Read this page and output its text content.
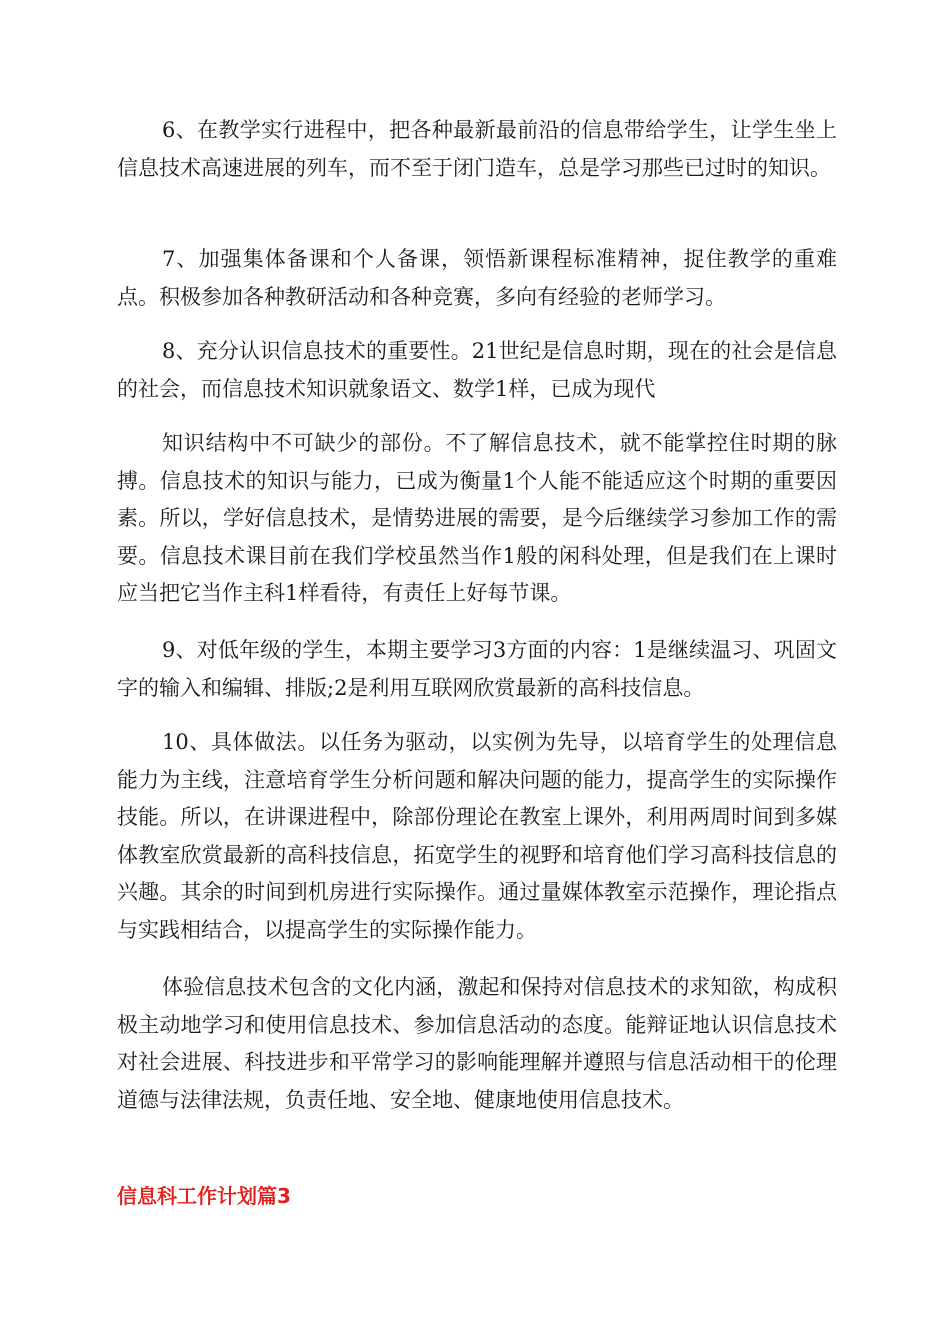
6、在教学实行进程中，把各种最新最前沿的信息带给学生，让学生坐上信息技术高速进展的列车，而不至于闭门造车，总是学习那些已过时的知识。

7、加强集体备课和个人备课，领悟新课程标准精神，捉住教学的重难点。积极参加各种教研活动和各种竞赛，多向有经验的老师学习。

8、充分认识信息技术的重要性。21世纪是信息时期，现在的社会是信息的社会，而信息技术知识就象语文、数学1样，已成为现代

知识结构中不可缺少的部份。不了解信息技术，就不能掌控住时期的脉搏。信息技术的知识与能力，已成为衡量1个人能不能适应这个时期的重要因素。所以，学好信息技术，是情势进展的需要，是今后继续学习参加工作的需要。信息技术课目前在我们学校虽然当作1般的闲科处理，但是我们在上课时应当把它当作主科1样看待，有责任上好每节课。

9、对低年级的学生，本期主要学习3方面的内容：1是继续温习、巩固文字的输入和编辑、排版;2是利用互联网欣赏最新的高科技信息。

10、具体做法。以任务为驱动，以实例为先导，以培育学生的处理信息能力为主线，注意培育学生分析问题和解决问题的能力，提高学生的实际操作技能。所以，在讲课进程中，除部份理论在教室上课外，利用两周时间到多媒体教室欣赏最新的高科技信息，拓宽学生的视野和培育他们学习高科技信息的兴趣。其余的时间到机房进行实际操作。通过量媒体教室示范操作，理论指点与实践相结合，以提高学生的实际操作能力。

体验信息技术包含的文化内涵，激起和保持对信息技术的求知欲，构成积极主动地学习和使用信息技术、参加信息活动的态度。能辩证地认识信息技术对社会进展、科技进步和平常学习的影响能理解并遵照与信息活动相干的伦理道德与法律法规，负责任地、安全地、健康地使用信息技术。

信息科工作计划篇3
